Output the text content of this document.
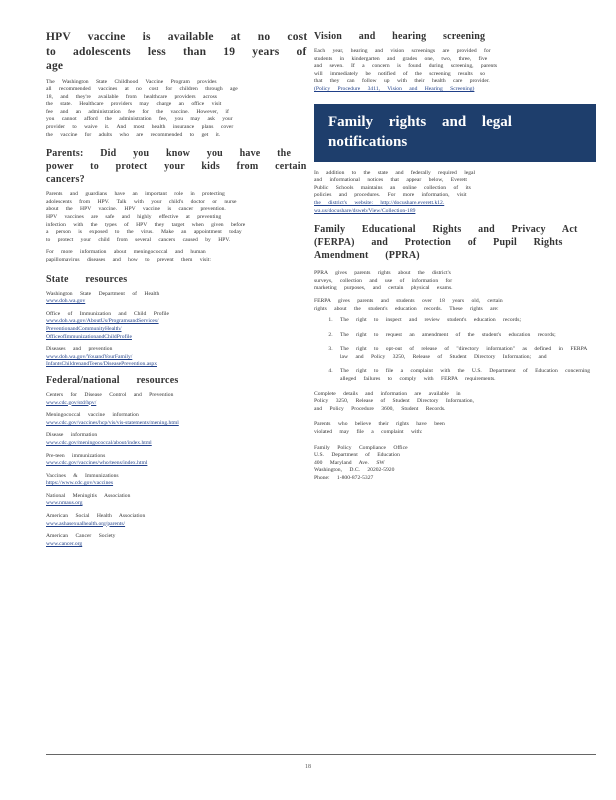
HPV vaccine is available at no cost to adolescents less than 19 years of age
The Washington State Childhood Vaccine Program provides
all recommended vaccines at no cost for children through age
18, and they're available from healthcare providers across
the state. Healthcare providers may charge an office visit
fee and an administration fee for the vaccine. However, if
you cannot afford the administration fee, you may ask your
provider to waive it. And most health insurance plans cover
the vaccine for adults who are recommended to get it.
Parents: Did you know you have the power to protect your kids from certain cancers?
Parents and guardians have an important role in protecting
adolescents from HPV. Talk with your child's doctor or nurse
about the HPV vaccine. HPV vaccine is cancer prevention.
HPV vaccines are safe and highly effective at preventing
infection with the types of HPV they target when given before
a person is exposed to the virus. Make an appointment today
to protect your child from several cancers caused by HPV.
For more information about meningococcal and human
papillomavirus diseases and how to prevent them visit:
State resources
Washington State Department of Health
www.doh.wa.gov
Office of Immunization and Child Profile
www.doh.wa.gov/AboutUs/ProgramsandServices/
PreventionandCommunityHealth/
OfficeofImmunizationandChildProfile
Diseases and prevention
www.doh.wa.gov/YouandYourFamily/
InfantsChildrenandTeens/DiseasePrevention.aspx
Federal/national resources
Centers for Disease Control and Prevention
www.cdc.gov/std/hpv/
Meningococcal vaccine information
www.cdc.gov/vaccines/hcp/vis/vis-statements/mening.html
Disease information
www.cdc.gov/meningococcal/about/index.html
Pre-teen immunizations
www.cdc.gov/vaccines/who/teens/index.html
Vaccines & Immunizations
https://www.cdc.gov/vaccines
National Meningitis Association
www.nmaus.org
American Social Health Association
www.ashasexualhealth.org/parents/
American Cancer Society
www.cancer.org
Vision and hearing screening
Each year, hearing and vision screenings are provided for
students in kindergarten and grades one, two, three, five
and seven. If a concern is found during screening, parents
will immediately be notified of the screening results so
that they can follow up with their health care provider.
(Policy Procedure 3411, Vision and Hearing Screening)
Family rights and legal
notifications
In addition to the state and federally required legal
and informational notices that appear below, Everett
Public Schools maintains an online collection of its
policies and procedures. For more information, visit
the district's website: http://docushare.everett.k12.
wa.us/docushare/dsweb/View/Collection-189
Family Educational Rights and Privacy Act (FERPA) and Protection of Pupil Rights Amendment (PPRA)
PPRA gives parents rights about the district's
surveys, collection and use of information for
marketing purposes, and certain physical exams.
FERPA gives parents and students over 18 years old, certain
rights about the student's education records. These rights are:
1. The right to inspect and review student's education records;
2. The right to request an amendment of the student's education records;
3. The right to opt-out of release of "directory information" as defined in FERPA law and Policy 3250, Release of Student Directory Information; and
4. The right to file a complaint with the U.S. Department of Education concerning alleged failures to comply with FERPA requirements.
Complete details and information are available in
Policy 3250, Release of Student Directory Information,
and Policy Procedure 3600, Student Records.
Parents who believe their rights have been
violated may file a complaint with:
Family Policy Compliance Office
U.S. Department of Education
400 Maryland Ave. SW
Washington, D.C. 20202-5920
Phone: 1-800-872-5327
18
